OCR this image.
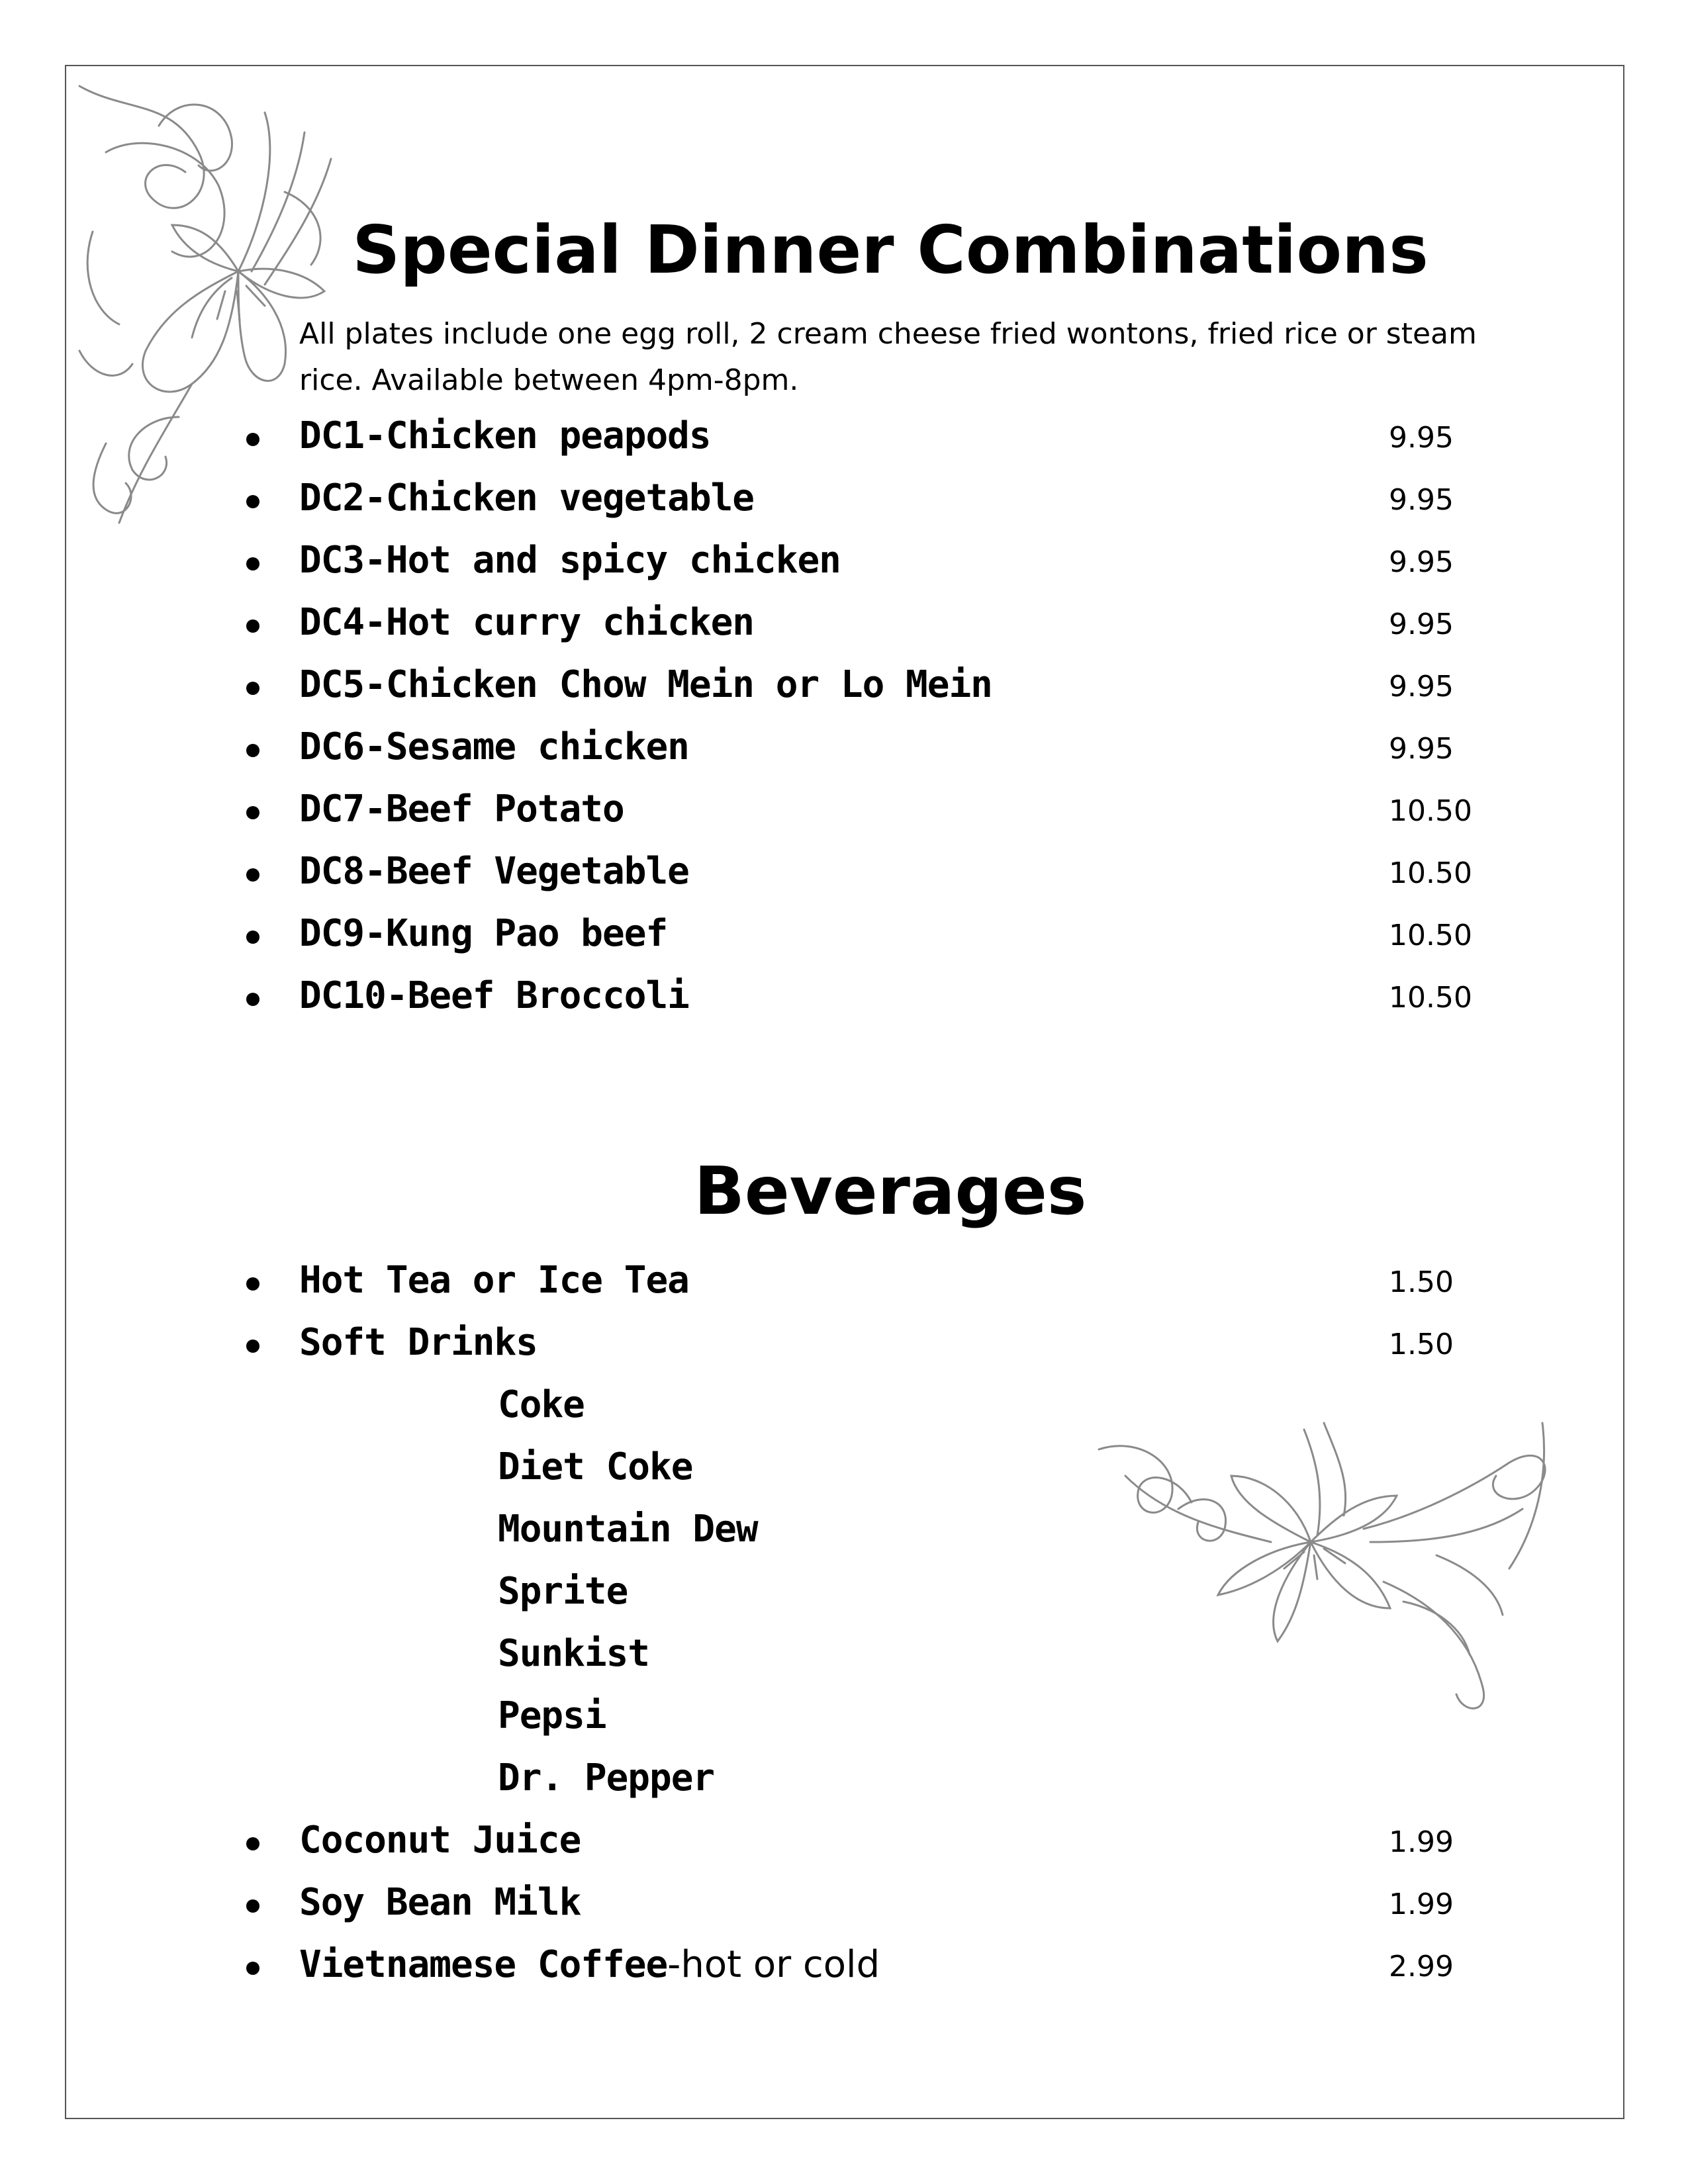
Special Dinner Combinations
All plates include one egg roll, 2 cream cheese fried wontons, fried rice or steam
rice. Available between 4pm-8pm.
DC1-Chicken peapods	9.95
DC2-Chicken vegetable	9.95
DC3-Hot and spicy chicken	9.95
DC4-Hot curry chicken	9.95
DC5-Chicken Chow Mein or Lo Mein	9.95
DC6-Sesame chicken	9.95
DC7-Beef Potato	10.50
DC8-Beef Vegetable	10.50
DC9-Kung Pao beef	10.50
DC10-Beef Broccoli	10.50
Beverages
Hot Tea or Ice Tea	1.50
Soft Drinks	1.50
Coke
Diet Coke
Mountain Dew
Sprite
Sunkist
Pepsi
Dr. Pepper
Coconut Juice	1.99
Soy Bean Milk	1.99
Vietnamese Coffee-hot or cold	2.99
